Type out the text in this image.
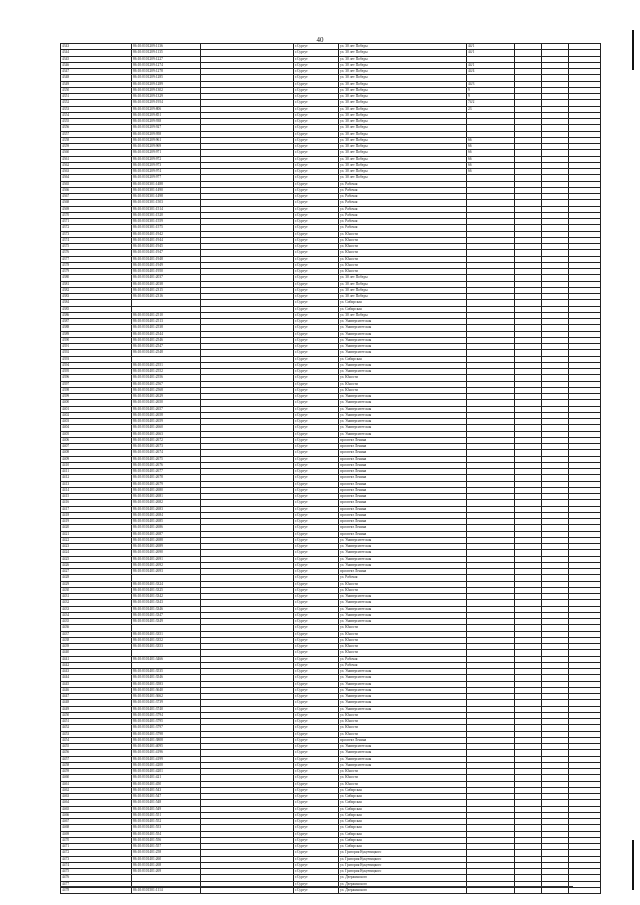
40
4343	86:10:0101209:1136		г.Сургут	ул. 30 лет Победы	44/1			
4344	86:10:0101209:1135		г.Сургут	ул. 30 лет Победы	44/1			
4345	86:10:0101209:1227		г.Сургут	ул. 30 лет Победы				
4346	86:10:0101209:1274		г.Сургут	ул. 30 лет Победы	44/1			
4347	86:10:0101209:1278		г.Сургут	ул. 30 лет Победы	44/4			
4348	86:10:0101209:1285		г.Сургут	ул. 30 лет Победы				
4349	86:10:0101209:1289		г.Сургут	ул. 30 лет Победы	44/3			
4350	86:10:0101209:1302		г.Сургут	ул. 30 лет Победы	9			
4351	86:10:0101209:1329		г.Сургут	ул. 30 лет Победы	9			
4352	86:10:0101209:1954		г.Сургут	ул. 30 лет Победы	74/2			
4353	86:10:0101209:806		г.Сургут	ул. 30 лет Победы	23			
4354	86:10:0101209:851		г.Сургут	ул. 30 лет Победы				
4355	86:10:0101209:938		г.Сургут	ул. 30 лет Победы				
4356	86:10:0101209:927		г.Сургут	ул. 30 лет Победы				
4357	86:10:0101209:958		г.Сургут	ул. 30 лет Победы				
4358	86:10:0101209:961		г.Сургут	ул. 30 лет Победы	66			
4359	86:10:0101209:969		г.Сургут	ул. 30 лет Победы	66			
4360	86:10:0101209:971		г.Сургут	ул. 30 лет Победы	66			
4361	86:10:0101209:972		г.Сургут	ул. 30 лет Победы	66			
4362	86:10:0101209:973		г.Сургут	ул. 30 лет Победы	66			
4363	86:10:0101209:974		г.Сургут	ул. 30 лет Победы	66			
4364	86:10:0101209:977		г.Сургут	ул. 30 лет Победы				
4365	86:10:0101301:1488		г.Сургут	ул. Рабочая				
4366	86:10:0101301:1490		г.Сургут	ул. Рабочая				
4367	86:10:0101301:1498		г.Сургут	ул. Рабочая				
4368	86:10:0101301:1503		г.Сургут	ул. Рабочая				
4369	86:10:0101301:1514		г.Сургут	ул. Рабочая				
4370	86:10:0101301:1520		г.Сургут	ул. Рабочая				
4371	86:10:0101301:1559		г.Сургут	ул. Рабочая				
4372	86:10:0101301:1575		г.Сургут	ул. Рабочая				
4373	86:10:0101401:1942		г.Сургут	ул. Юности				
4374	86:10:0101401:1944		г.Сургут	ул. Юности				
4375	86:10:0101401:1945		г.Сургут	ул. Юности				
4376	86:10:0101401:1947		г.Сургут	ул. Юности				
4377	86:10:0101401:1948		г.Сургут	ул. Юности				
4378	86:10:0101401:1949		г.Сургут	ул. Юности				
4379	86:10:0101401:1950		г.Сургут	ул. Юности				
4380	86:10:0101401:2037		г.Сургут	ул. 30 лет Победы				
4381	86:10:0101401:2038		г.Сургут	ул. 30 лет Победы				
4382	86:10:0101401:2315		г.Сургут	ул. 30 лет Победы				
4383	86:10:0101401:2316		г.Сургут	ул. 30 лет Победы				
4384			г.Сургут	ул. Сибирская				
4385			г.Сургут	ул. Сибирская				
4386	86:10:0101401:2510		г.Сургут	ул. 30 лет Победы				
4387	86:10:0101401:2513		г.Сургут	ул. Университетская				
4388	86:10:0101401:2538		г.Сургут	ул. Университетская				
4389	86:10:0101401:2544		г.Сургут	ул. Университетская				
4390	86:10:0101401:2546		г.Сургут	ул. Университетская				
4391	86:10:0101401:2547		г.Сургут	ул. Университетская				
4392	86:10:0101401:2548		г.Сургут	ул. Университетская				
4393			г.Сургут	ул. Сибирская				
4394	86:10:0101401:2551		г.Сургут	ул. Университетская				
4395	86:10:0101401:2552		г.Сургут	ул. Университетская				
4396	86:10:0101401:2556		г.Сургут	ул. Юности				
4397	86:10:0101401:2567		г.Сургут	ул. Юности				
4398	86:10:0101401:2568		г.Сургут	ул. Юности				
4399	86:10:0101401:2629		г.Сургут	ул. Университетская				
4400	86:10:0101401:2650		г.Сургут	ул. Университетская				
4401	86:10:0101401:2657		г.Сургут	ул. Университетская				
4402	86:10:0101401:2658		г.Сургут	ул. Университетская				
4403	86:10:0101401:2659		г.Сургут	ул. Университетская				
4404	86:10:0101401:2660		г.Сургут	ул. Университетская				
4405	86:10:0101401:2663		г.Сургут	ул. Университетская				
4406	86:10:0101401:2672		г.Сургут	проспект Ленина				
4407	86:10:0101401:2673		г.Сургут	проспект Ленина				
4408	86:10:0101401:2674		г.Сургут	проспект Ленина				
4409	86:10:0101401:2675		г.Сургут	проспект Ленина				
4410	86:10:0101401:2676		г.Сургут	проспект Ленина				
4411	86:10:0101401:2677		г.Сургут	проспект Ленина				
4412	86:10:0101401:2678		г.Сургут	проспект Ленина				
4413	86:10:0101401:2679		г.Сургут	проспект Ленина				
4414	86:10:0101401:2680		г.Сургут	проспект Ленина				
4415	86:10:0101401:2681		г.Сургут	проспект Ленина				
4416	86:10:0101401:2682		г.Сургут	проспект Ленина				
4417	86:10:0101401:2683		г.Сургут	проспект Ленина				
4418	86:10:0101401:2684		г.Сургут	проспект Ленина				
4419	86:10:0101401:2685		г.Сургут	проспект Ленина				
4420	86:10:0101401:2686		г.Сургут	проспект Ленина				
4421	86:10:0101401:2687		г.Сургут	проспект Ленина				
4422	86:10:0101401:2688		г.Сургут	ул. Университетская				
4423	86:10:0101401:2689		г.Сургут	ул. Университетская				
4424	86:10:0101401:2690		г.Сургут	ул. Университетская				
4425	86:10:0101401:2691		г.Сургут	ул. Университетская				
4426	86:10:0101401:2692		г.Сургут	ул. Университетская				
4427	86:10:0101401:2693		г.Сургут	проспект Ленина				
4428			г.Сургут	ул. Рабочая				
4429	86:10:0101401:3324		г.Сургут	ул. Юности				
4430	86:10:0101401:3325		г.Сургут	ул. Юности				
4431	86:10:0101401:3342		г.Сургут	ул. Университетская				
4432	86:10:0101401:3343		г.Сургут	ул. Университетская				
4433	86:10:0101401:3346		г.Сургут	ул. Университетская				
4434	86:10:0101401:3347		г.Сургут	ул. Университетская				
4435	86:10:0101401:3349		г.Сургут	ул. Университетская				
4436			г.Сургут	ул. Юности				
4437	86:10:0101401:3351		г.Сургут	ул. Юности				
4438	86:10:0101401:3352		г.Сургут	ул. Юности				
4439	86:10:0101401:3353		г.Сургут	ул. Юности				
4440			г.Сургут	ул. Юности				
4441	86:10:0101401:3466		г.Сургут	ул. Рабочая				
4442			г.Сургут	ул. Рабочая				
4443	86:10:0101401:3535		г.Сургут	ул. Университетская				
4444	86:10:0101401:3546		г.Сургут	ул. Университетская				
4445	86:10:0101401:3583		г.Сургут	ул. Университетская				
4446	86:10:0101401:3640		г.Сургут	ул. Университетская				
4447	86:10:0101401:3662		г.Сургут	ул. Университетская				
4448	86:10:0101401:3739		г.Сургут	ул. Университетская				
4449	86:10:0101401:3740		г.Сургут	ул. Университетская				
4450	86:10:0101401:3794		г.Сургут	ул. Юности				
4451	86:10:0101401:3795		г.Сургут	ул. Юности				
4452	86:10:0101401:3797		г.Сургут	ул. Юности				
4453	86:10:0101401:3798		г.Сургут	ул. Юности				
4454	86:10:0101401:3808		г.Сургут	проспект Ленина				
4455	86:10:0101401:4095		г.Сургут	ул. Университетская				
4456	86:10:0101401:4196		г.Сургут	ул. Университетская				
4457	86:10:0101401:4199		г.Сургут	ул. Университетская				
4458	86:10:0101401:4200		г.Сургут	ул. Университетская				
4459	86:10:0101401:4201		г.Сургут	ул. Юности				
4460	86:10:0101401:421		г.Сургут	ул. Юности				
4461	86:10:0101401:450		г.Сургут	ул. Юности				
4462	86:10:0101401:543		г.Сургут	ул. Сибирская				
4463	86:10:0101401:547		г.Сургут	ул. Сибирская				
4464	86:10:0101401:548		г.Сургут	ул. Сибирская				
4465	86:10:0101401:549		г.Сургут	ул. Сибирская				
4466	86:10:0101401:551		г.Сургут	ул. Сибирская				
4467	86:10:0101401:552		г.Сургут	ул. Сибирская				
4468	86:10:0101401:553		г.Сургут	ул. Сибирская				
4469	86:10:0101401:554		г.Сургут	ул. Сибирская				
4470	86:10:0101401:556		г.Сургут	ул. Сибирская				
4471	86:10:0101401:557		г.Сургут	ул. Сибирская				
4472	86:10:0101401:258		г.Сургут	ул. Григория Кукуевицкого				
4473	86:10:0101401:260		г.Сургут	ул. Григория Кукуевицкого				
4474	86:10:0101401:268		г.Сургут	ул. Григория Кукуевицкого				
4475	86:10:0101401:269		г.Сургут	ул. Григория Кукуевицкого				
4476			г.Сургут	ул. Дзержинского				
4477			г.Сургут	ул. Дзержинского				
4478	86:10:0101501:1114		г.Сургут	ул. Дзержинского				
